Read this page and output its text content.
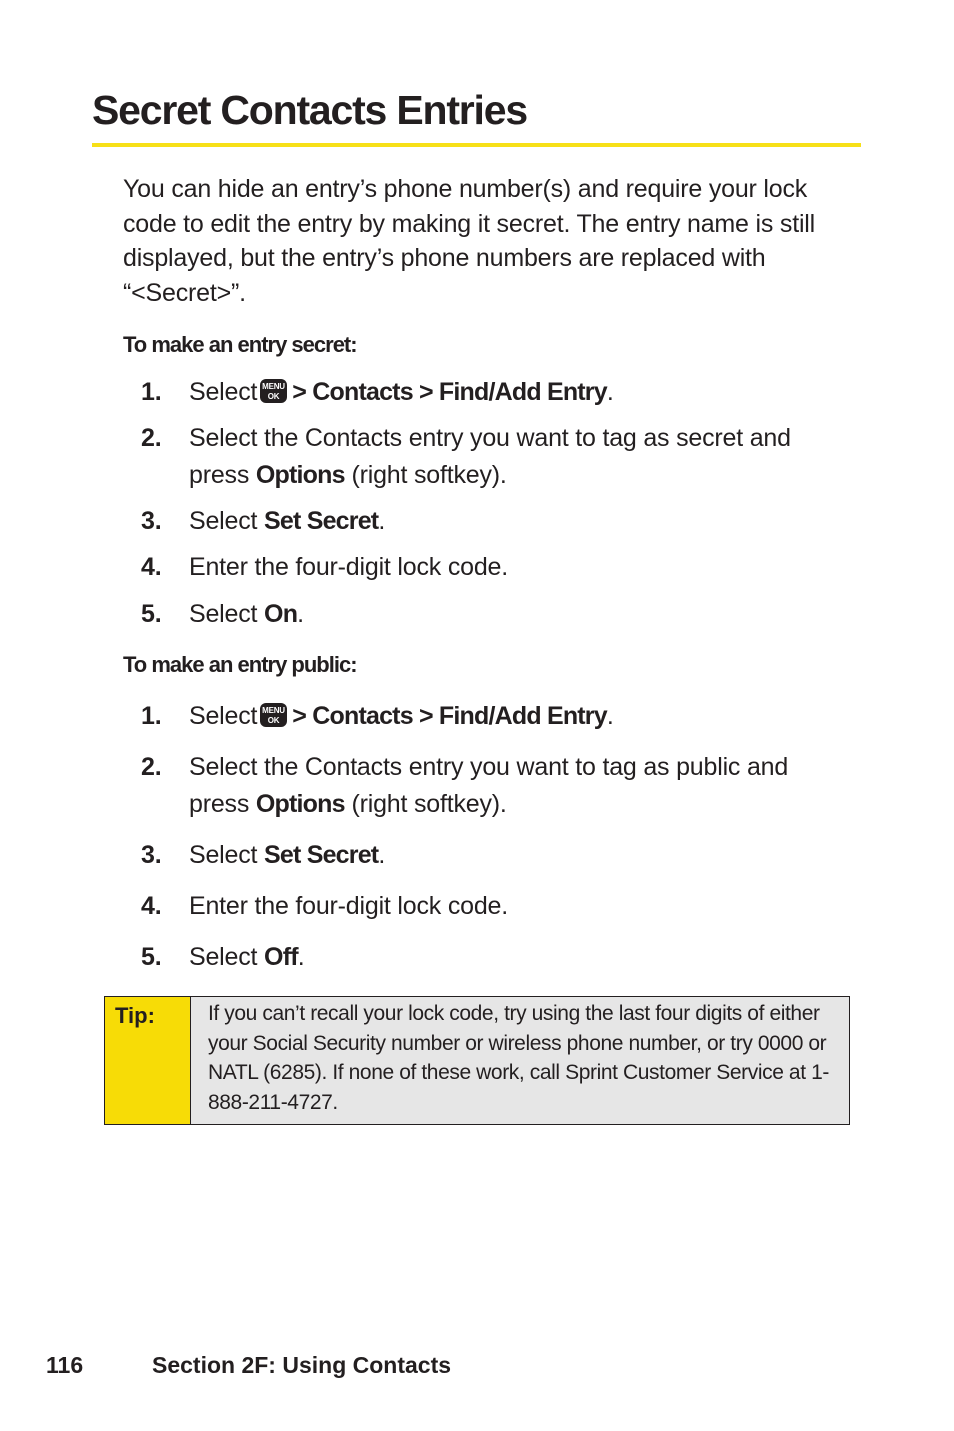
Secret Contacts Entries

You can hide an entry’s phone number(s) and require your lock code to edit the entry by making it secret. The entry name is still displayed, but the entry’s phone numbers are replaced with “<Secret>”.

To make an entry secret:
1. Select > Contacts > Find/Add Entry.
2. Select the Contacts entry you want to tag as secret and press Options (right softkey).
3. Select Set Secret.
4. Enter the four-digit lock code.
5. Select On.
To make an entry public:
1. Select > Contacts > Find/Add Entry.
2. Select the Contacts entry you want to tag as public and press Options (right softkey).
3. Select Set Secret.
4. Enter the four-digit lock code.
5. Select Off.
Tip:	If you can’t recall your lock code, try using the last four digits of either your Social Security number or wireless phone number, or try 0000 or NATL (6285). If none of these work, call Sprint Customer Service at 1-888-211-4727.
116	Section 2F: Using Contacts
